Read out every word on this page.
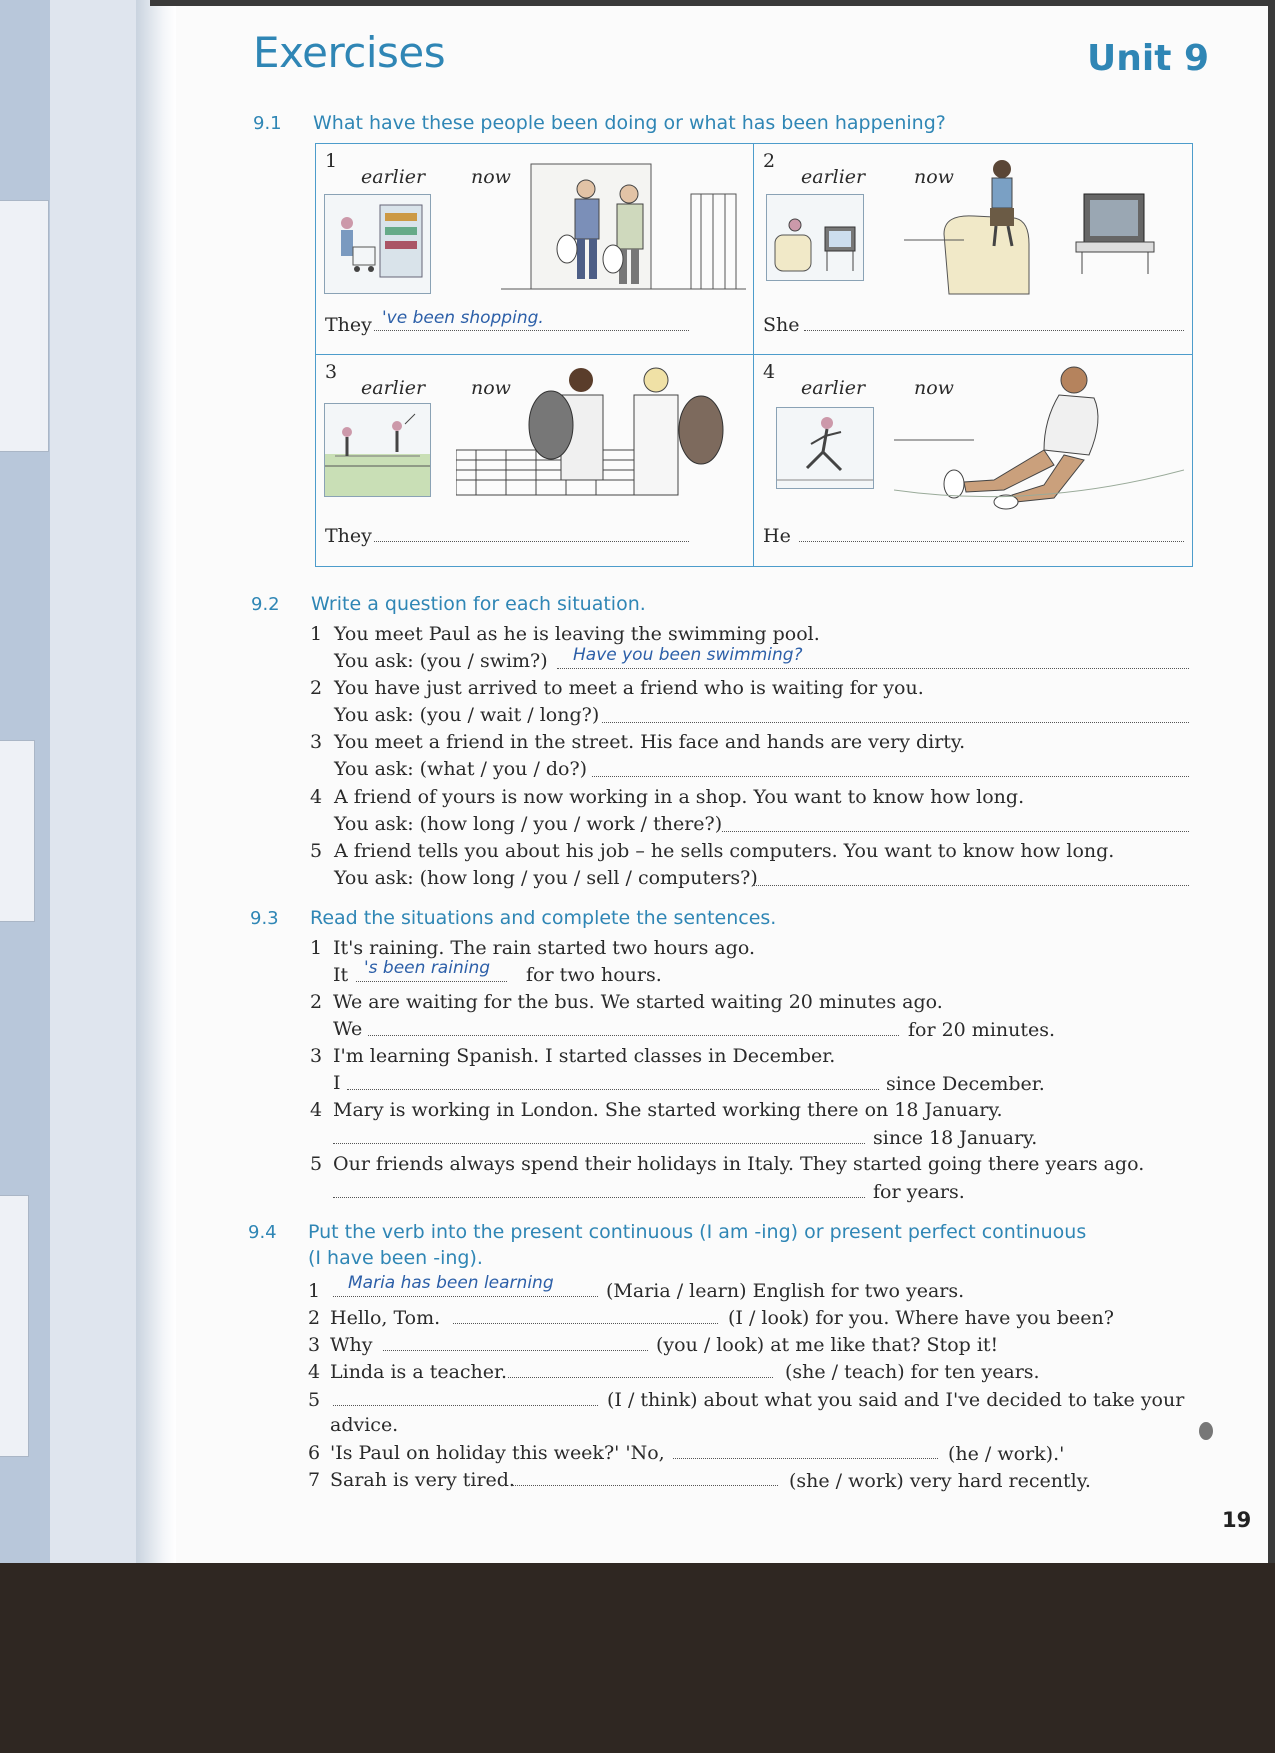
Exercises	Unit 9
9.1 What have these people been doing or what has been happening?
1
earlier now
They 've been shopping.
2
earlier	now
She
3
earlier now
They
4
earlier	now
He
9.2 Write a question for each situation.
1 You meet Paul as he is leaving the swimming pool.
You ask: (you / swim?) Have you been swimming?
2 You have just arrived to meet a friend who is waiting for you.
You ask: (you / wait / long?)
3 You meet a friend in the street. His face and hands are very dirty.
You ask: (what / you / do?)
4 A friend of yours is now working in a shop. You want to know how long.
You ask: (how long / you / work / there?)
5 A friend tells you about his job – he sells computers. You want to know how long.
You ask: (how long / you / sell / computers?)
9.3 Read the situations and complete the sentences.
1 It's raining. The rain started two hours ago.
It 's been raining for two hours.
2 We are waiting for the bus. We started waiting 20 minutes ago.
We	for 20 minutes.
3 I'm learning Spanish. I started classes in December.
I	since December.
4 Mary is working in London. She started working there on 18 January.
since 18 January.
5 Our friends always spend their holidays in Italy. They started going there years ago.
for years.
9.4 Put the verb into the present continuous (I am -ing) or present perfect continuous
(I have been -ing).
1 Maria has been learning	(Maria / learn) English for two years.
2 Hello, Tom.	(I / look) for you. Where have you been?
3 Why	(you / look) at me like that? Stop it!
4 Linda is a teacher.	(she / teach) for ten years.
5	(I / think) about what you said and I've decided to take your
advice.
6 'Is Paul on holiday this week?' 'No,	(he / work).'
7 Sarah is very tired.	(she / work) very hard recently.
19
